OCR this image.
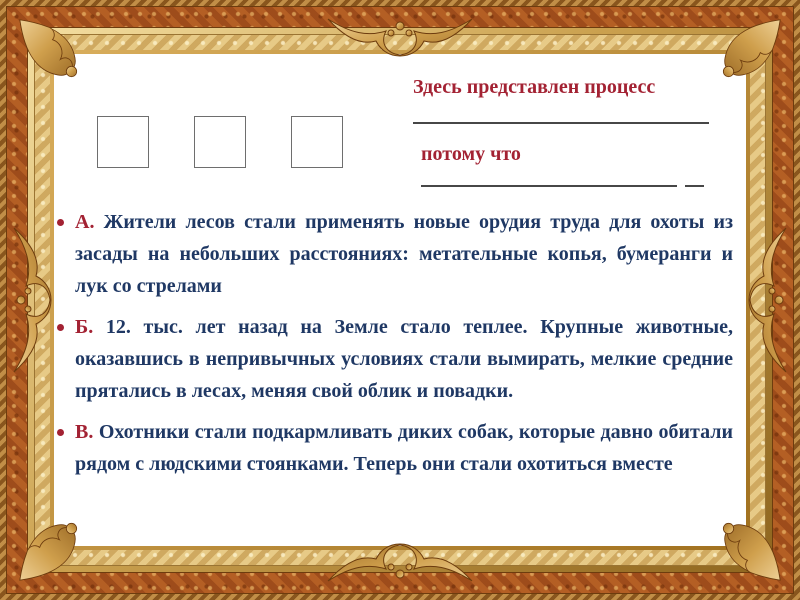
Здесь представлен процесс
потому что

А. Жители лесов стали применять новые орудия труда для охоты из засады на небольших расстояниях: метательные копья, бумеранги и лук со стрелами

Б. 12. тыс. лет назад на Земле стало теплее. Крупные животные, оказавшись в непривычных условиях стали вымирать, мелкие средние прятались в лесах, меняя свой облик и повадки.

В. Охотники стали подкармливать диких собак, которые давно обитали рядом с людскими стоянками. Теперь они стали охотиться вместе
